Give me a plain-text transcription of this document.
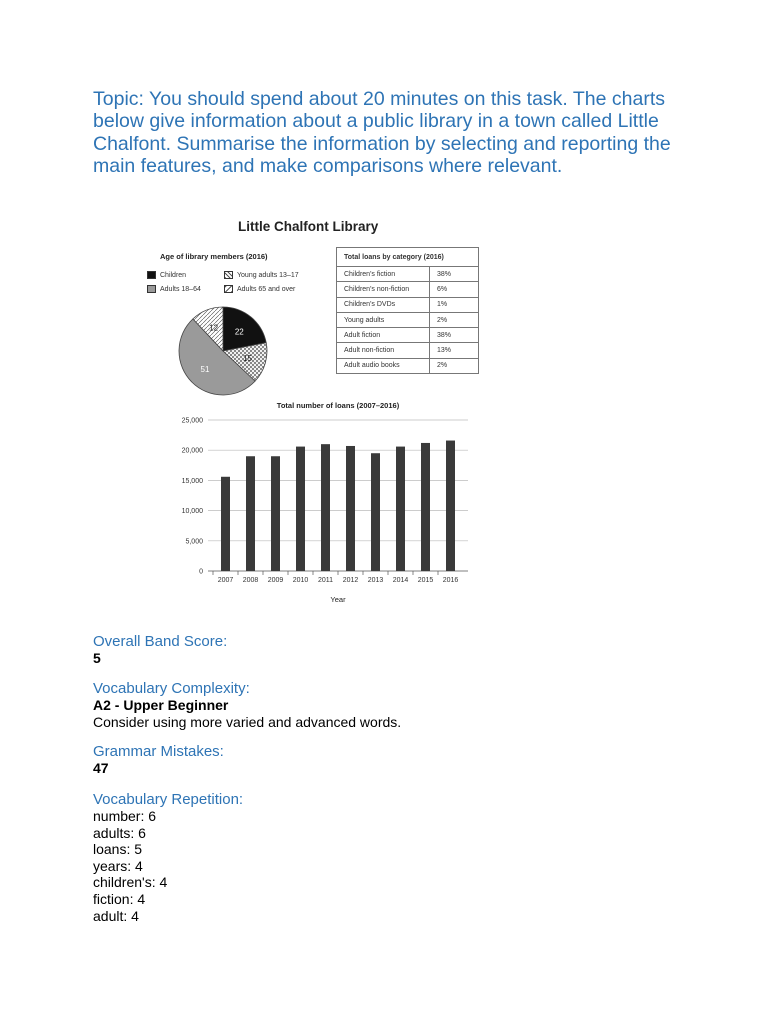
Topic: You should spend about 20 minutes on this task. The charts below give information about a public library in a town called Little Chalfont. Summarise the information by selecting and reporting the main features, and make comparisons where relevant.

Little Chalfont Library
Age of library members (2016)
Children	Young adults 13–17
Adults 18–64	Adults 65 and over
22
15
51
12
Total loans by category (2016)	
Children's fiction	38%
Children's non-fiction	6%
Children's DVDs	1%
Young adults	2%
Adult fiction	38%
Adult non-fiction	13%
Adult audio books	2%
Total number of loans (2007–2016)
Year
0
5,000
10,000
15,000
20,000
25,000
2007 2008 2009 2010 2011 2012 2013 2014 2015 2016
Overall Band Score:
5
Vocabulary Complexity:
A2 - Upper Beginner
Consider using more varied and advanced words.
Grammar Mistakes:
47
Vocabulary Repetition:
number: 6
adults: 6
loans: 5
years: 4
children's: 4
fiction: 4
adult: 4
